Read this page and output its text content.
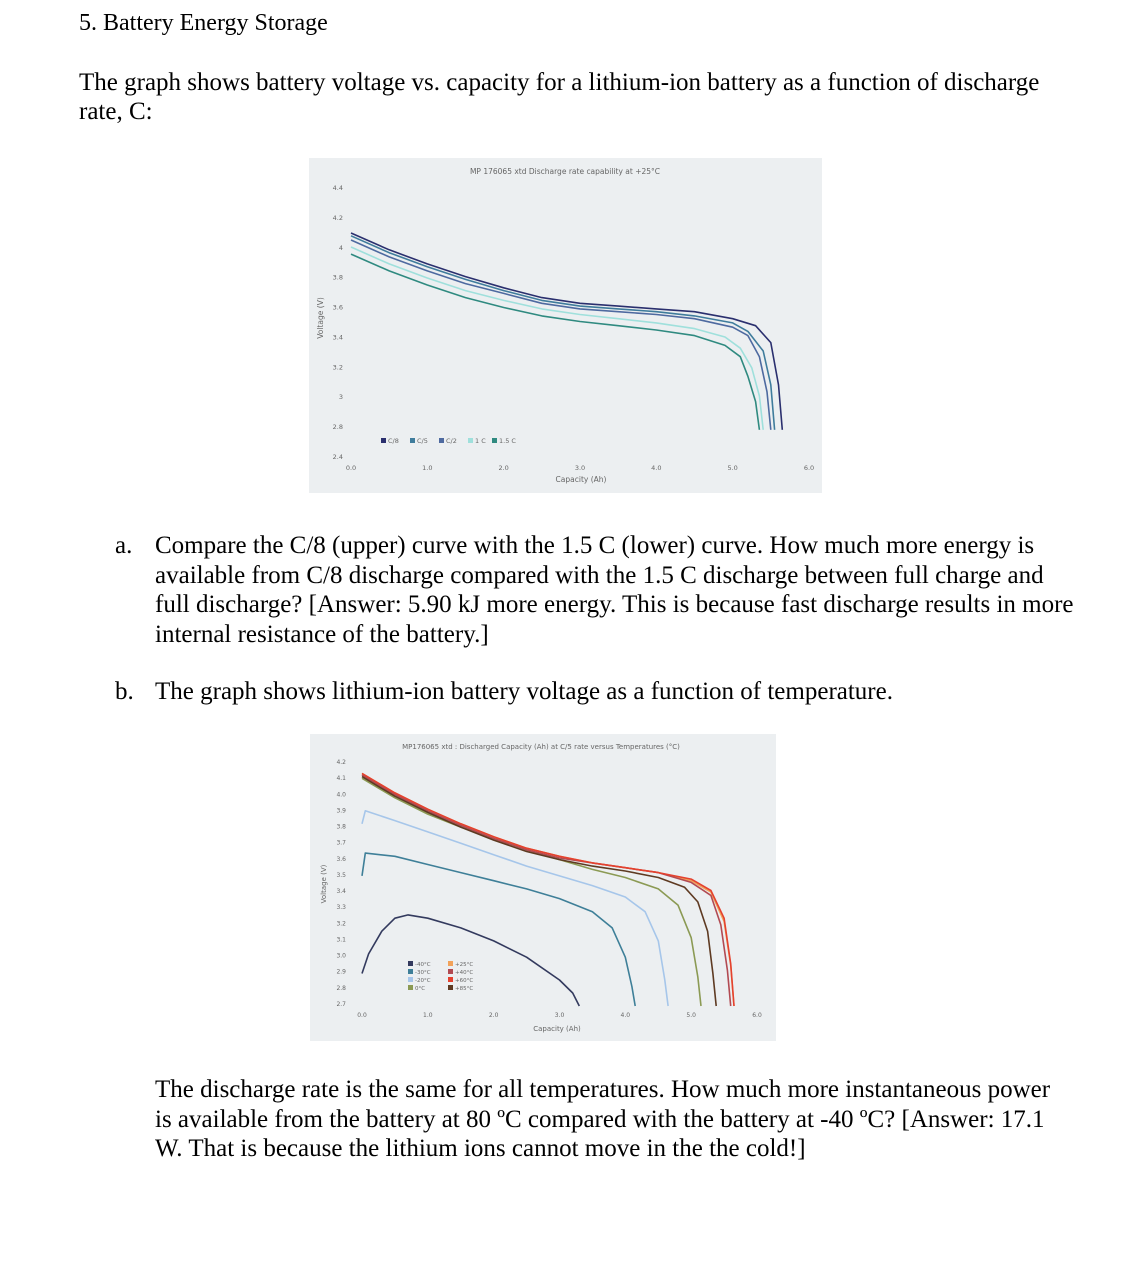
5. Battery Energy Storage
The graph shows battery voltage vs. capacity for a lithium-ion battery as a function of discharge rate, C:
MP 176065 xtd Discharge rate capability at +25°C
0.0	1.0	2.0	3.0	4.0	5.0	6.0
2.4
2.8
3
3.2
3.4
3.6
3.8
4
4.2
4.4
Capacity (Ah)
Voltage (V)
C/8	C/5	C/2	1 C 1.5 C
a. Compare the C/8 (upper) curve with the 1.5 C (lower) curve. How much more energy is available from C/8 discharge compared with the 1.5 C discharge between full charge and full discharge? [Answer: 5.90 kJ more energy. This is because fast discharge results in more internal resistance of the battery.]
b. The graph shows lithium-ion battery voltage as a function of temperature.
MP176065 xtd : Discharged Capacity (Ah) at C/5 rate versus Temperatures (°C)
0.0	1.0	2.0	3.0	4.0	5.0	6.0
2.7
2.8
2.9
3.0
3.1
3.2
3.3
3.4
3.5
3.6
3.7
3.8
3.9
4.0
4.1
4.2
Capacity (Ah)
Voltage (V)
-40°C
-30°C
-20°C
0°C
+25°C
+40°C
+60°C
+85°C
The discharge rate is the same for all temperatures. How much more instantaneous power is available from the battery at 80 ºC compared with the battery at -40 ºC? [Answer: 17.1 W. That is because the lithium ions cannot move in the the cold!]
